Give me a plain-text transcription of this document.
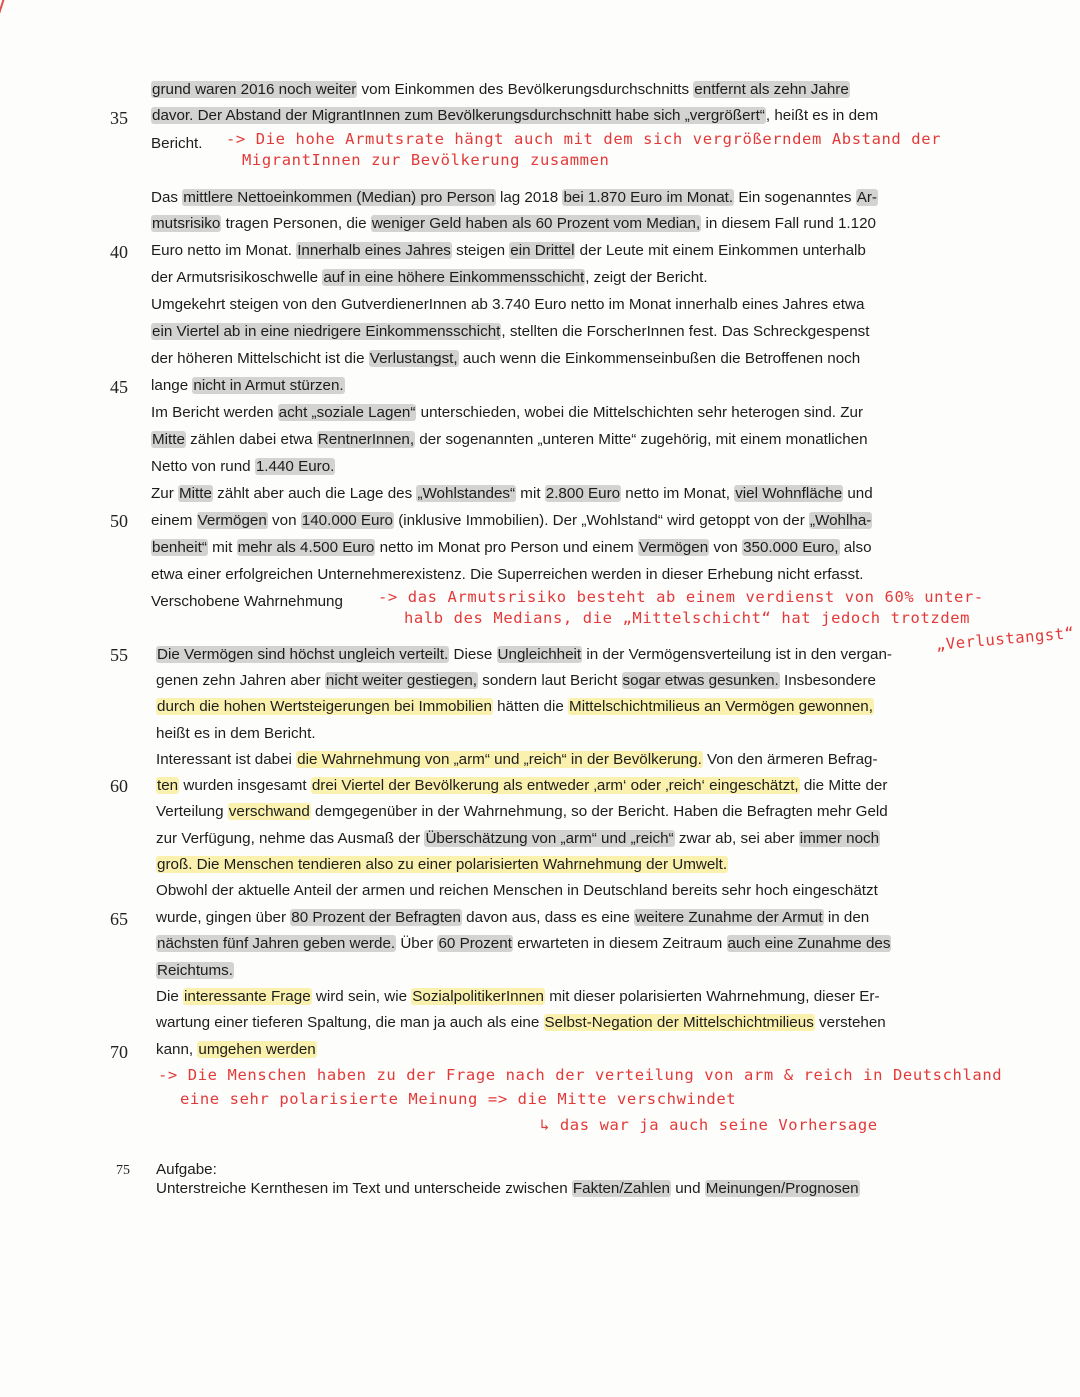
35
40
45
50
55
60
65
70
75
grund waren 2016 noch weiter vom Einkommen des Bevölkerungsdurchschnitts entfernt als zehn Jahre
davor. Der Abstand der MigrantInnen zum Bevölkerungsdurchschnitt habe sich „vergrößert“, heißt es in dem
Bericht. -> Die hohe Armutsrate hängt auch mit dem sich vergrößerndem Abstand der
MigrantInnen zur Bevölkerung zusammen
Das mittlere Nettoeinkommen (Median) pro Person lag 2018 bei 1.870 Euro im Monat. Ein sogenanntes Ar-
mutsrisiko tragen Personen, die weniger Geld haben als 60 Prozent vom Median, in diesem Fall rund 1.120
Euro netto im Monat. Innerhalb eines Jahres steigen ein Drittel der Leute mit einem Einkommen unterhalb
der Armutsrisikoschwelle auf in eine höhere Einkommensschicht, zeigt der Bericht.
Umgekehrt steigen von den GutverdienerInnen ab 3.740 Euro netto im Monat innerhalb eines Jahres etwa
ein Viertel ab in eine niedrigere Einkommensschicht, stellten die ForscherInnen fest. Das Schreckgespenst
der höheren Mittelschicht ist die Verlustangst, auch wenn die Einkommenseinbußen die Betroffenen noch
lange nicht in Armut stürzen.
Im Bericht werden acht „soziale Lagen“ unterschieden, wobei die Mittelschichten sehr heterogen sind. Zur
Mitte zählen dabei etwa RentnerInnen, der sogenannten „unteren Mitte“ zugehörig, mit einem monatlichen
Netto von rund 1.440 Euro.
Zur Mitte zählt aber auch die Lage des „Wohlstandes“ mit 2.800 Euro netto im Monat, viel Wohnfläche und
einem Vermögen von 140.000 Euro (inklusive Immobilien). Der „Wohlstand“ wird getoppt von der „Wohlha-
benheit“ mit mehr als 4.500 Euro netto im Monat pro Person und einem Vermögen von 350.000 Euro, also
etwa einer erfolgreichen Unternehmerexistenz. Die Superreichen werden in dieser Erhebung nicht erfasst.
Verschobene Wahrnehmung -> das Armutsrisiko besteht ab einem verdienst von 60% unter-
halb des Medians, die „Mittelschicht“ hat jedoch trotzdem
„Verlustangst“
Die Vermögen sind höchst ungleich verteilt. Diese Ungleichheit in der Vermögensverteilung ist in den vergan-
genen zehn Jahren aber nicht weiter gestiegen, sondern laut Bericht sogar etwas gesunken. Insbesondere
durch die hohen Wertsteigerungen bei Immobilien hätten die Mittelschichtmilieus an Vermögen gewonnen,
heißt es in dem Bericht.
Interessant ist dabei die Wahrnehmung von „arm“ und „reich“ in der Bevölkerung. Von den ärmeren Befrag-
ten wurden insgesamt drei Viertel der Bevölkerung als entweder ‚arm‘ oder ‚reich‘ eingeschätzt, die Mitte der
Verteilung verschwand demgegenüber in der Wahrnehmung, so der Bericht. Haben die Befragten mehr Geld
zur Verfügung, nehme das Ausmaß der Überschätzung von „arm“ und „reich“ zwar ab, sei aber immer noch
groß. Die Menschen tendieren also zu einer polarisierten Wahrnehmung der Umwelt.
Obwohl der aktuelle Anteil der armen und reichen Menschen in Deutschland bereits sehr hoch eingeschätzt
wurde, gingen über 80 Prozent der Befragten davon aus, dass es eine weitere Zunahme der Armut in den
nächsten fünf Jahren geben werde. Über 60 Prozent erwarteten in diesem Zeitraum auch eine Zunahme des
Reichtums.
Die interessante Frage wird sein, wie SozialpolitikerInnen mit dieser polarisierten Wahrnehmung, dieser Er-
wartung einer tieferen Spaltung, die man ja auch als eine Selbst-Negation der Mittelschichtmilieus verstehen
kann, umgehen werden
-> Die Menschen haben zu der Frage nach der verteilung von arm & reich in Deutschland
eine sehr polarisierte Meinung => die Mitte verschwindet
↳ das war ja auch seine Vorhersage
Aufgabe:
Unterstreiche Kernthesen im Text und unterscheide zwischen Fakten/Zahlen und Meinungen/Prognosen
